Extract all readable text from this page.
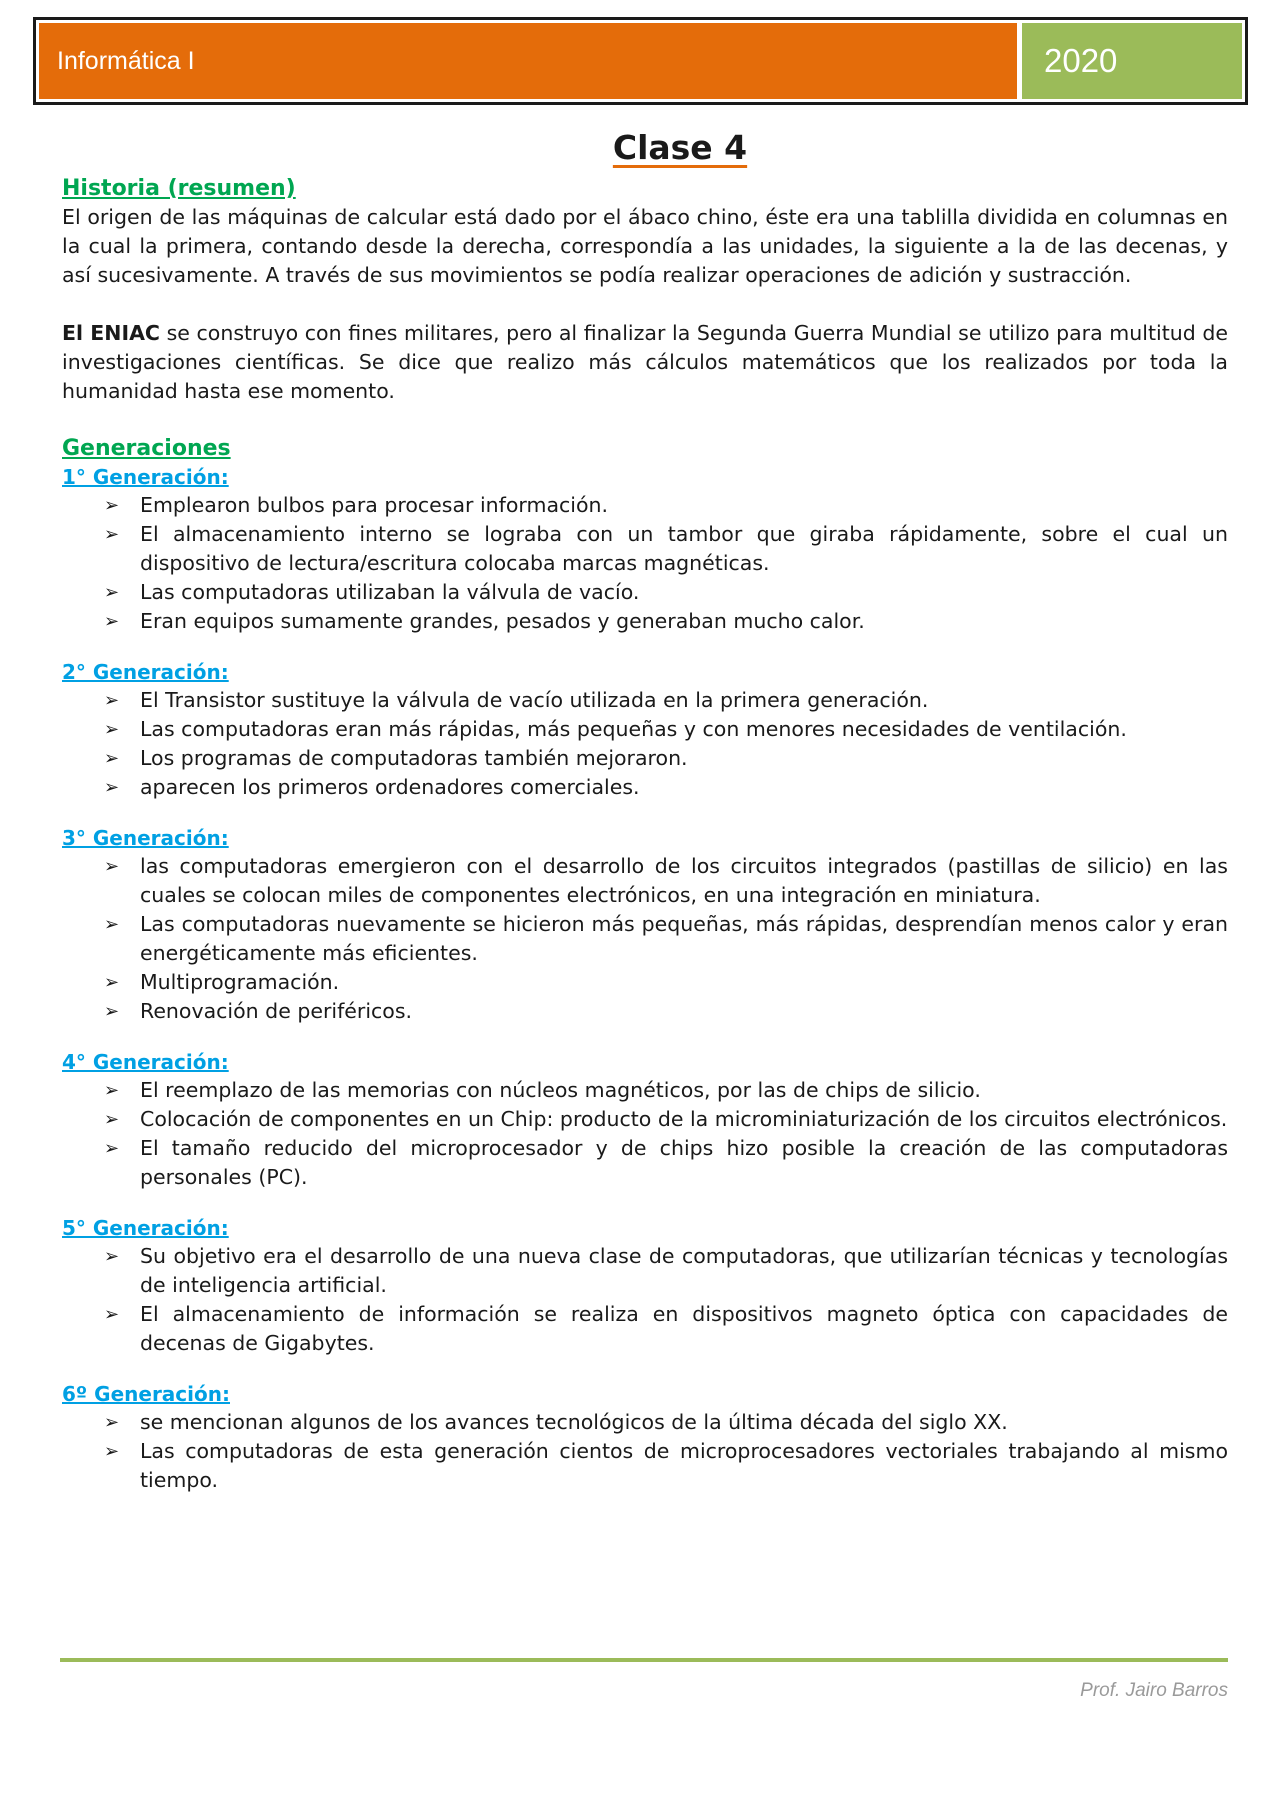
Informática I	2020
Clase 4
Historia (resumen)

El origen de las máquinas de calcular está dado por el ábaco chino, éste era una tablilla dividida en columnas en la cual la primera, contando desde la derecha, correspondía a las unidades, la siguiente a la de las decenas, y así sucesivamente. A través de sus movimientos se podía realizar operaciones de adición y sustracción.

El ENIAC se construyo con fines militares, pero al finalizar la Segunda Guerra Mundial se utilizo para multitud de investigaciones científicas. Se dice que realizo más cálculos matemáticos que los realizados por toda la humanidad hasta ese momento.

Generaciones
1° Generación:
➢ Emplearon bulbos para procesar información.
➢ El almacenamiento interno se lograba con un tambor que giraba rápidamente, sobre el cual un dispositivo de lectura/escritura colocaba marcas magnéticas.
➢ Las computadoras utilizaban la válvula de vacío.
➢ Eran equipos sumamente grandes, pesados y generaban mucho calor.
2° Generación:
➢ El Transistor sustituye la válvula de vacío utilizada en la primera generación.
➢ Las computadoras eran más rápidas, más pequeñas y con menores necesidades de ventilación.
➢ Los programas de computadoras también mejoraron.
➢ aparecen los primeros ordenadores comerciales.
3° Generación:
➢ las computadoras emergieron con el desarrollo de los circuitos integrados (pastillas de silicio) en las cuales se colocan miles de componentes electrónicos, en una integración en miniatura.
➢ Las computadoras nuevamente se hicieron más pequeñas, más rápidas, desprendían menos calor y eran energéticamente más eficientes.
➢ Multiprogramación.
➢ Renovación de periféricos.
4° Generación:
➢ El reemplazo de las memorias con núcleos magnéticos, por las de chips de silicio.
➢ Colocación de componentes en un Chip: producto de la microminiaturización de los circuitos electrónicos.
➢ El tamaño reducido del microprocesador y de chips hizo posible la creación de las computadoras personales (PC).
5° Generación:
➢ Su objetivo era el desarrollo de una nueva clase de computadoras, que utilizarían técnicas y tecnologías de inteligencia artificial.
➢ El almacenamiento de información se realiza en dispositivos magneto óptica con capacidades de decenas de Gigabytes.
6º Generación:
➢ se mencionan algunos de los avances tecnológicos de la última década del siglo XX.
➢ Las computadoras de esta generación cientos de microprocesadores vectoriales trabajando al mismo tiempo.
Prof. Jairo Barros
